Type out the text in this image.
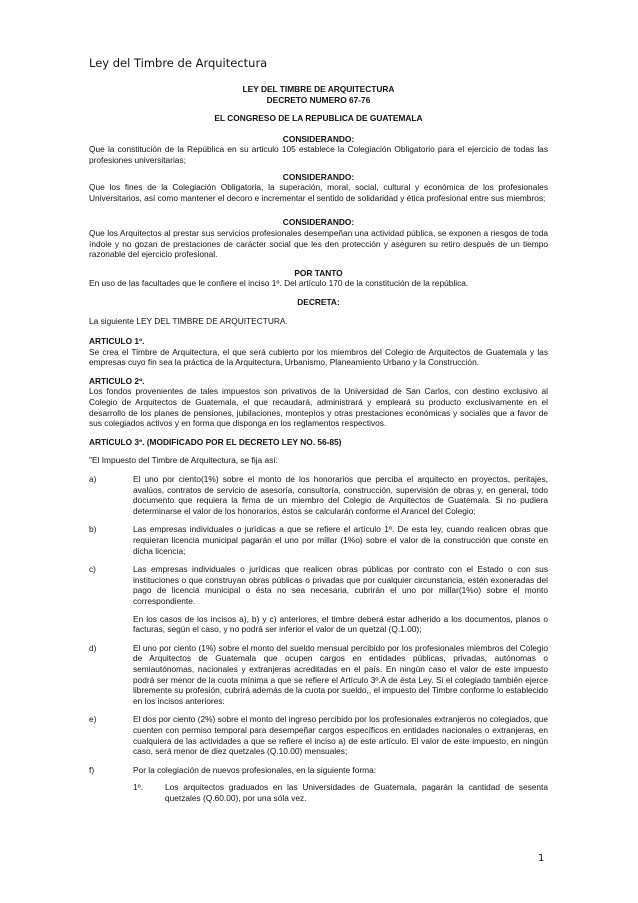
Ley del Timbre de Arquitectura
LEY DEL TIMBRE DE ARQUITECTURA
DECRETO NUMERO 67-76
EL CONGRESO DE LA REPUBLICA DE GUATEMALA
CONSIDERANDO:
Que la constitución de la República en su articulo 105 establece la Colegiación Obligatorio para el ejercicio de todas las profesiones universitarias;
CONSIDERANDO:
Que los fines de la Colegiación Obligatoria, la superación, moral, social, cultural y económica de los profesionales Universitarios, así como mantener el decoro e incrementar el sentido de solidaridad y ética profesional entre sus miembros;
CONSIDERANDO:
Que los Arquitectos al prestar sus servicios profesionales desempeñan una actividad pública, se exponen a riesgos de toda índole y no gozan de prestaciones de carácter social que les den protección y aseguren su retiro después de un tiempo razonable del ejercicio profesional.
POR TANTO
En uso de las facultades que le confiere el inciso 1º. Del artículo 170 de la constitución de la república.
DECRETA:
La siguiente LEY DEL TIMBRE DE ARQUITECTURA.
ARTICULO 1º.
Se crea el Timbre de Arquitectura, el que será cubierto por los miembros del Colegio de Arquitectos de Guatemala y las empresas cuyo fin sea la práctica de la Arquitectura, Urbanismo, Planeamiento Urbano y la Construcción.
ARTICULO 2º.
Los fondos provenientes de tales impuestos son privativos de la Universidad de San Carlos, con destino exclusivo al Colegio de Arquitectos de Guatemala, el que recaudará, administrará y empleará su producto exclusivamente en el desarrollo de los planes de pensiones, jubilaciones, montepíos y otras prestaciones económicas y sociales que a favor de sus colegiados activos y en forma que disponga en los reglamentos respectivos.
ARTICULO 3º. (MODIFICADO POR EL DECRETO LEY NO. 56-85)
"El Impuesto del Timbre de Arquitectura, se fija así:
a)	El uno por ciento(1%) sobre el monto de los honorarios que perciba el arquitecto en proyectos, peritajes, avalúos, contratos de servicio de asesoría, consultoría, construcción, supervisión de obras y, en general, todo documento que requiera la firma de un miembro del Colegio de Arquitectos de Guatemala. Si no pudiera determinarse el valor de los honorarios, éstos se calcularán conforme el Arancel del Colegio;
b)	Las empresas individuales o jurídicas a que se refiere el artículo 1º. De esta ley, cuando realicen obras que requieran licencia municipal pagarán el uno por millar (1%o) sobre el valor de la construcción que conste en dicha licencia;
c)	Las empresas individuales o jurídicas que realicen obras públicas por contrato con el Estado o con sus instituciones o que construyan obras públicas o privadas que por cualquier circunstancia, estén exoneradas del pago de licencia municipal o ésta no sea necesaria, cubrirán el uno por millar(1%o) sobre el monto correspondiente.
En los casos de los incisos a), b) y c) anteriores, el timbre deberá estar adherido a los documentos, planos o facturas, según el caso, y no podrá ser inferior el valor de un quetzal (Q.1.00);
d)	El uno por ciento (1%) sobre el monto del sueldo mensual percibido por los profesionales miembros del Colegio de Arquitectos de Guatemala que ocupen cargos en entidades públicas, privadas, autónomas o semiautónomas, nacionales y extranjeras acreditadas en el país. En ningún caso el valor de este impuesto podrá ser menor de la cuota mínima a que se refiere el Artículo 3º.A de ésta Ley. Si el colegiado también ejerce libremente su profesión, cubrirá además de la cuota por sueldo,, el impuesto del Timbre conforme lo establecido en los incisos anteriores:
e)	El dos por ciento (2%) sobre el monto del ingreso percibido por los profesionales extranjeros no colegiados, que cuenten con permiso temporal para desempeñar cargos específicos en entidades nacionales o extranjeras, en cualquiera de las actividades a que se refiere el inciso a) de este artículo. El valor de este impuesto, en ningún caso, será menor de diez quetzales (Q.10.00) mensuales;
f)	Por la colegiación de nuevos profesionales, en la siguiente forma:
1º.	Los arquitectos graduados en las Universidades de Guatemala, pagarán la cantidad de sesenta quetzales (Q.60.00), por una sóla vez.
1
